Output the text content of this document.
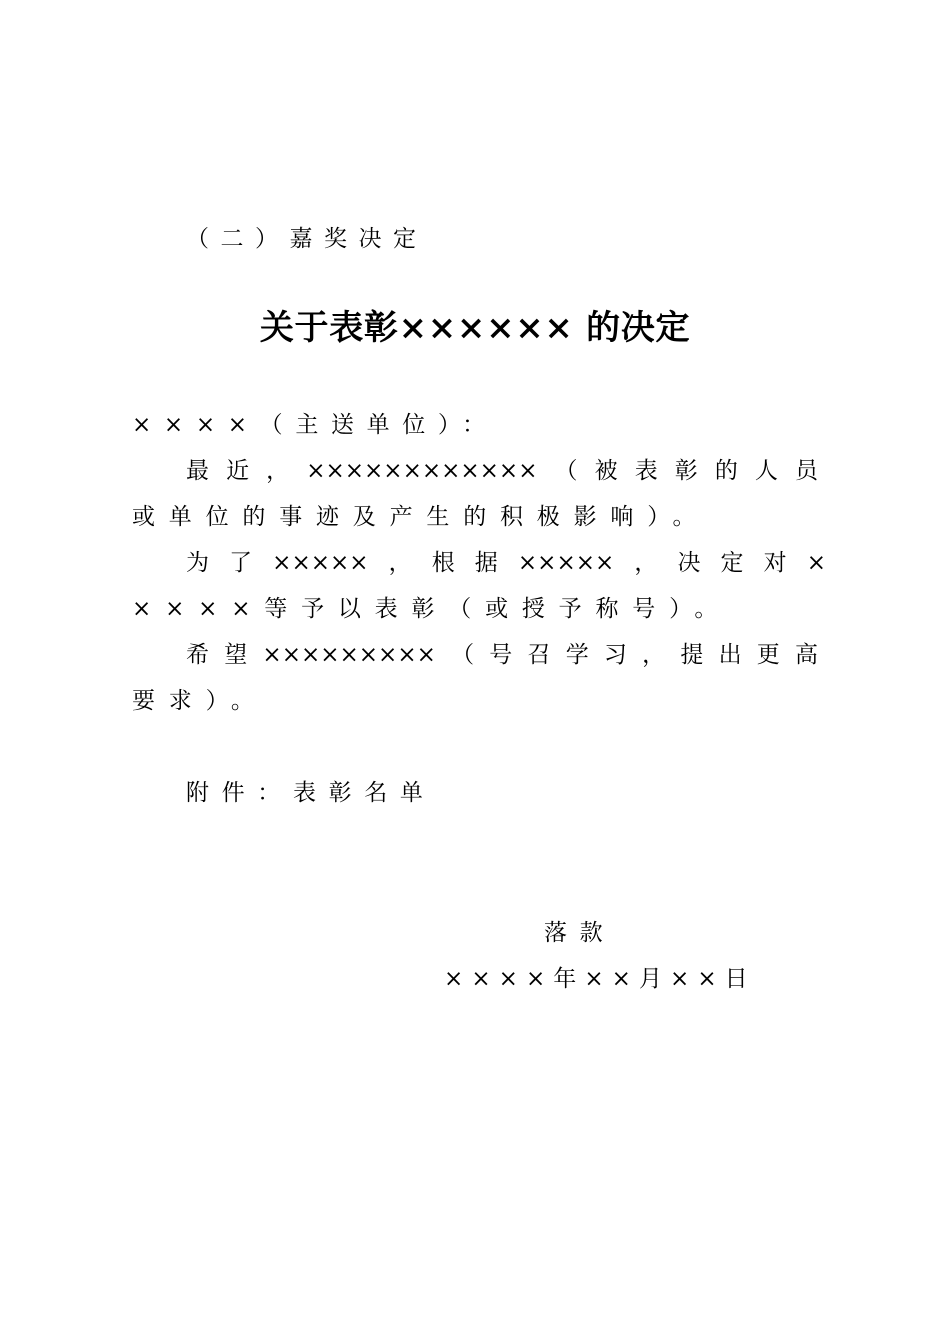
（二）嘉奖决定
关于表彰×××××× 的决定
××××（主送单位）：
最近，××××××××××××（被表彰的人员
或单位的事迹及产生的积极影响）。
为了×××××，根据×××××，决定对×
××××等予以表彰（或授予称号）。
希望×××××××××（号召学习，提出更高
要求）。
附件：表彰名单
落款
××××年××月××日
